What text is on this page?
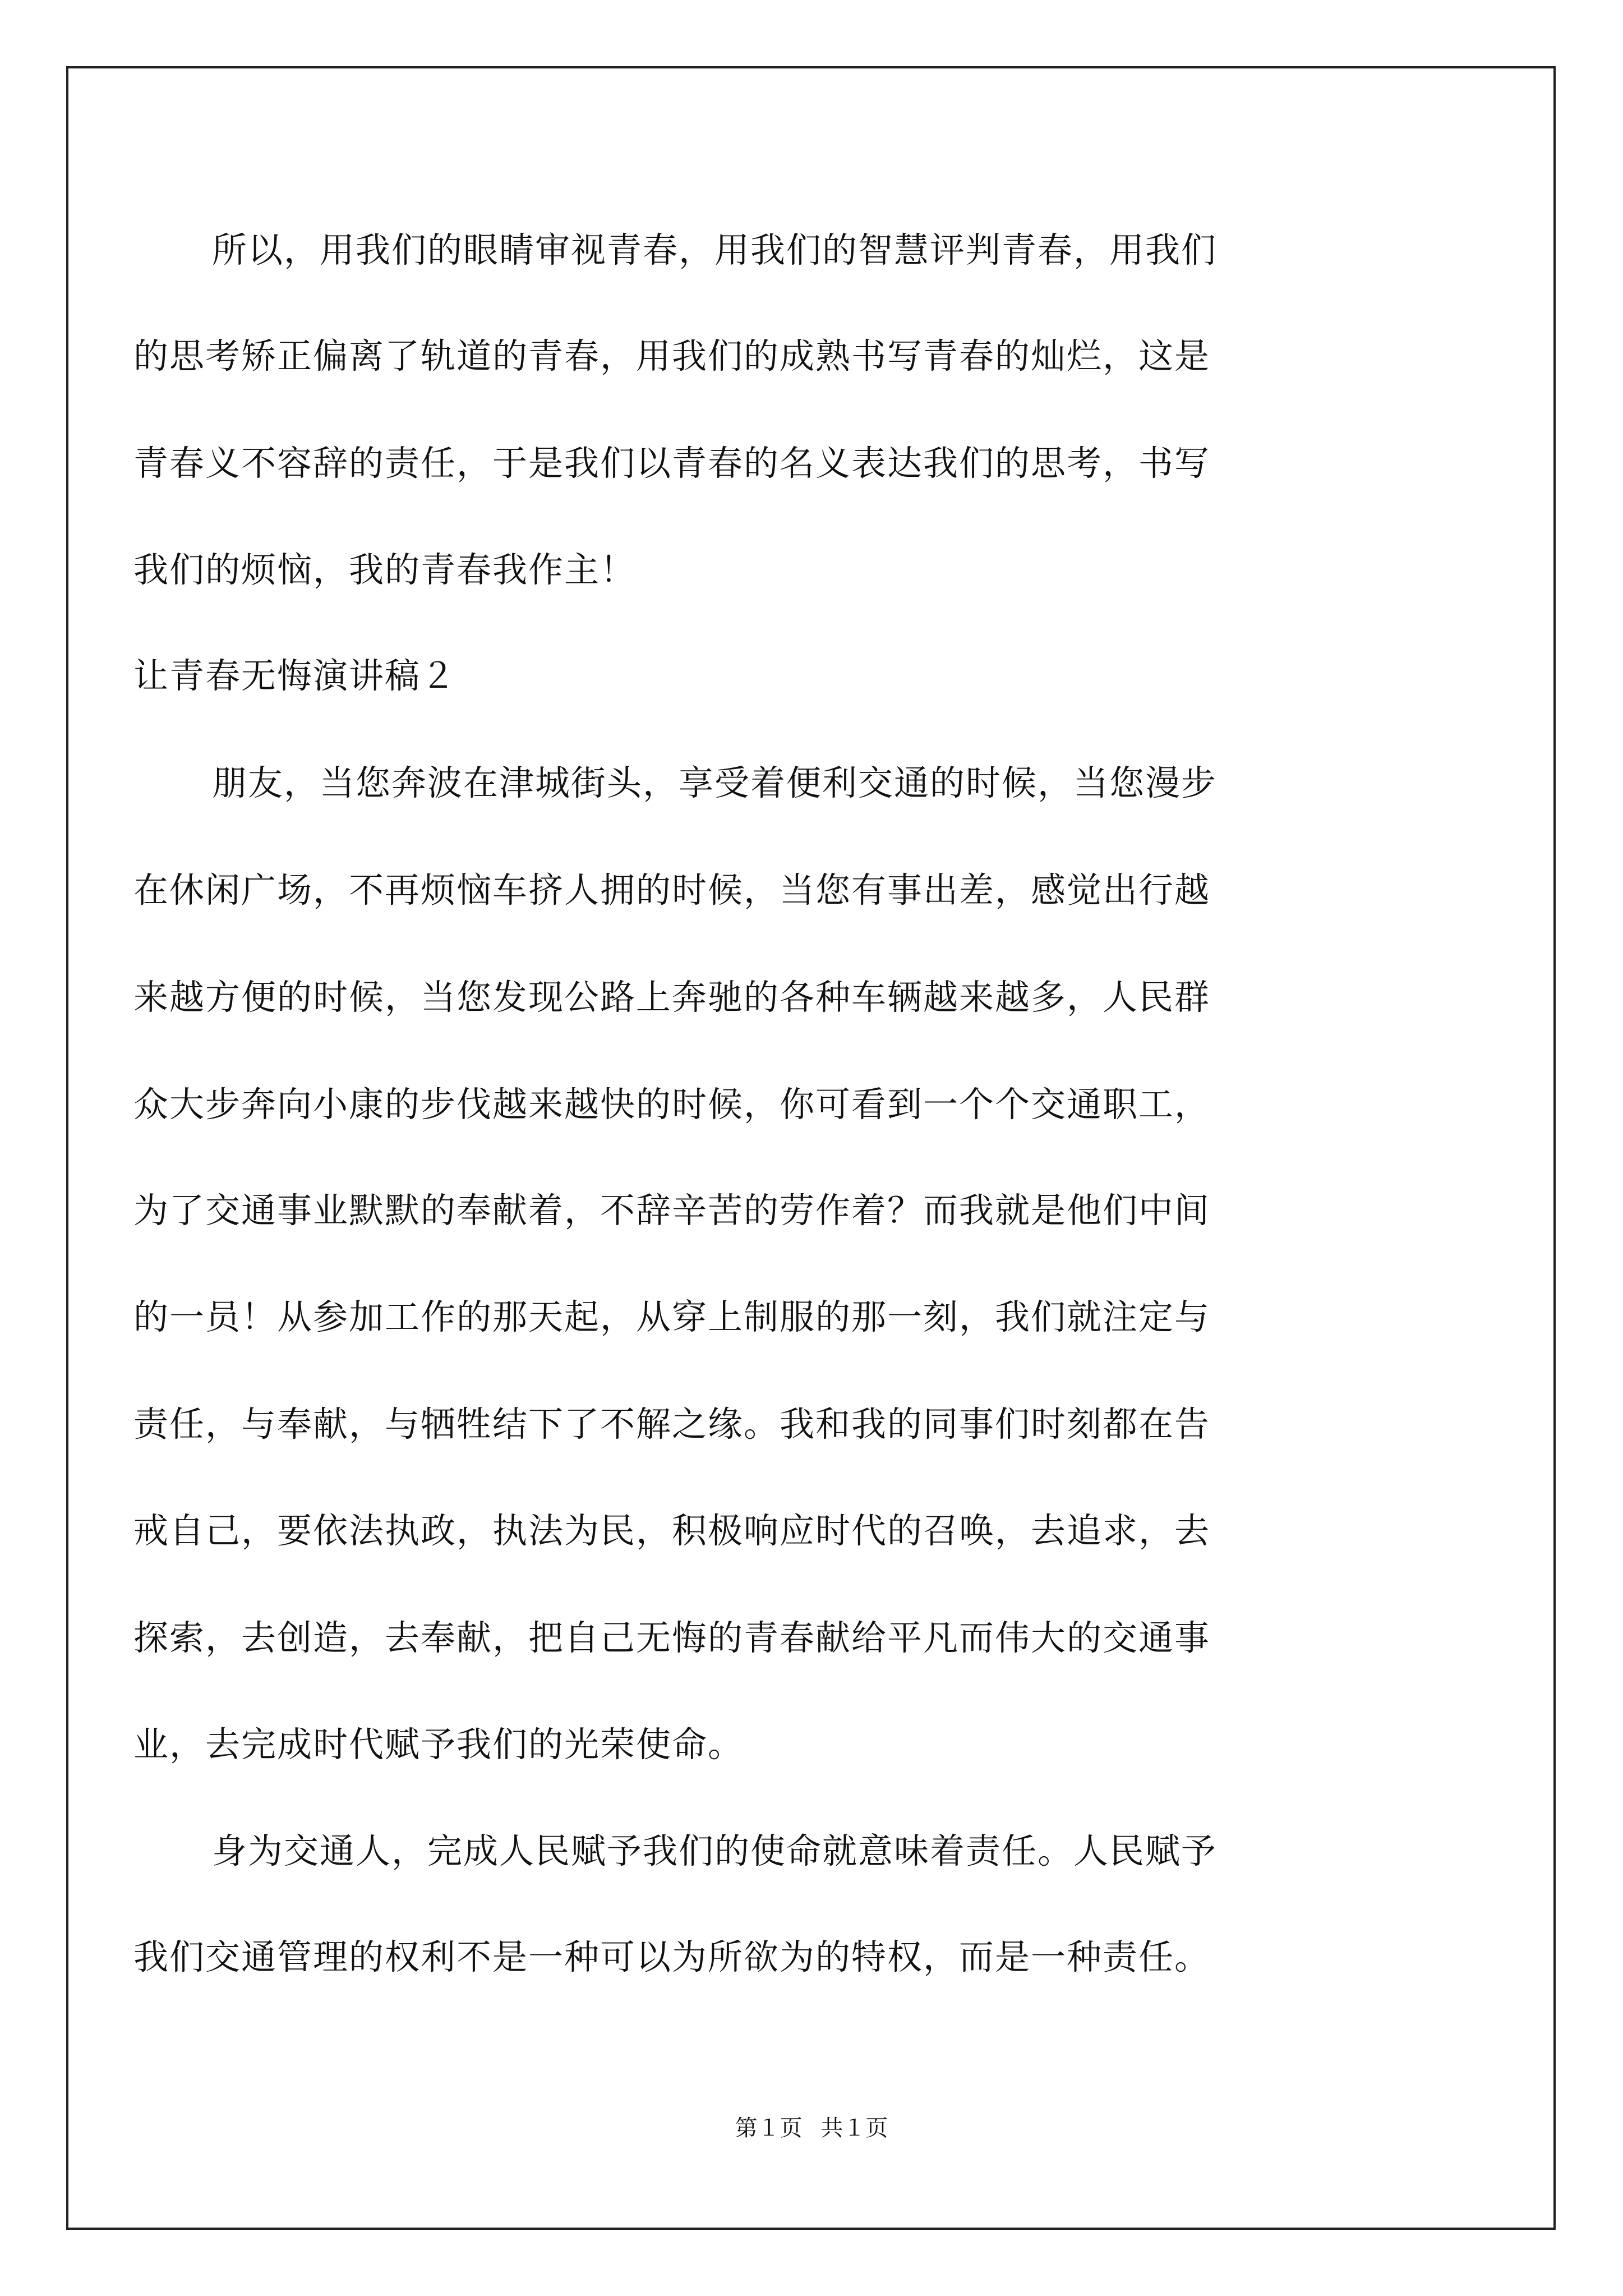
所以，用我们的眼睛审视青春，用我们的智慧评判青春，用我们
的思考矫正偏离了轨道的青春，用我们的成熟书写青春的灿烂，这是
青春义不容辞的责任，于是我们以青春的名义表达我们的思考，书写
我们的烦恼，我的青春我作主！
让青春无悔演讲稿２
朋友，当您奔波在津城街头，享受着便利交通的时候，当您漫步
在休闲广场，不再烦恼车挤人拥的时候，当您有事出差，感觉出行越
来越方便的时候，当您发现公路上奔驰的各种车辆越来越多，人民群
众大步奔向小康的步伐越来越快的时候，你可看到一个个交通职工，
为了交通事业默默的奉献着，不辞辛苦的劳作着？而我就是他们中间
的一员！从参加工作的那天起，从穿上制服的那一刻，我们就注定与
责任，与奉献，与牺牲结下了不解之缘。我和我的同事们时刻都在告
戒自己，要依法执政，执法为民，积极响应时代的召唤，去追求，去
探索，去创造，去奉献，把自己无悔的青春献给平凡而伟大的交通事
业，去完成时代赋予我们的光荣使命。
身为交通人，完成人民赋予我们的使命就意味着责任。人民赋予
我们交通管理的权利不是一种可以为所欲为的特权，而是一种责任。
第１页 共１页
